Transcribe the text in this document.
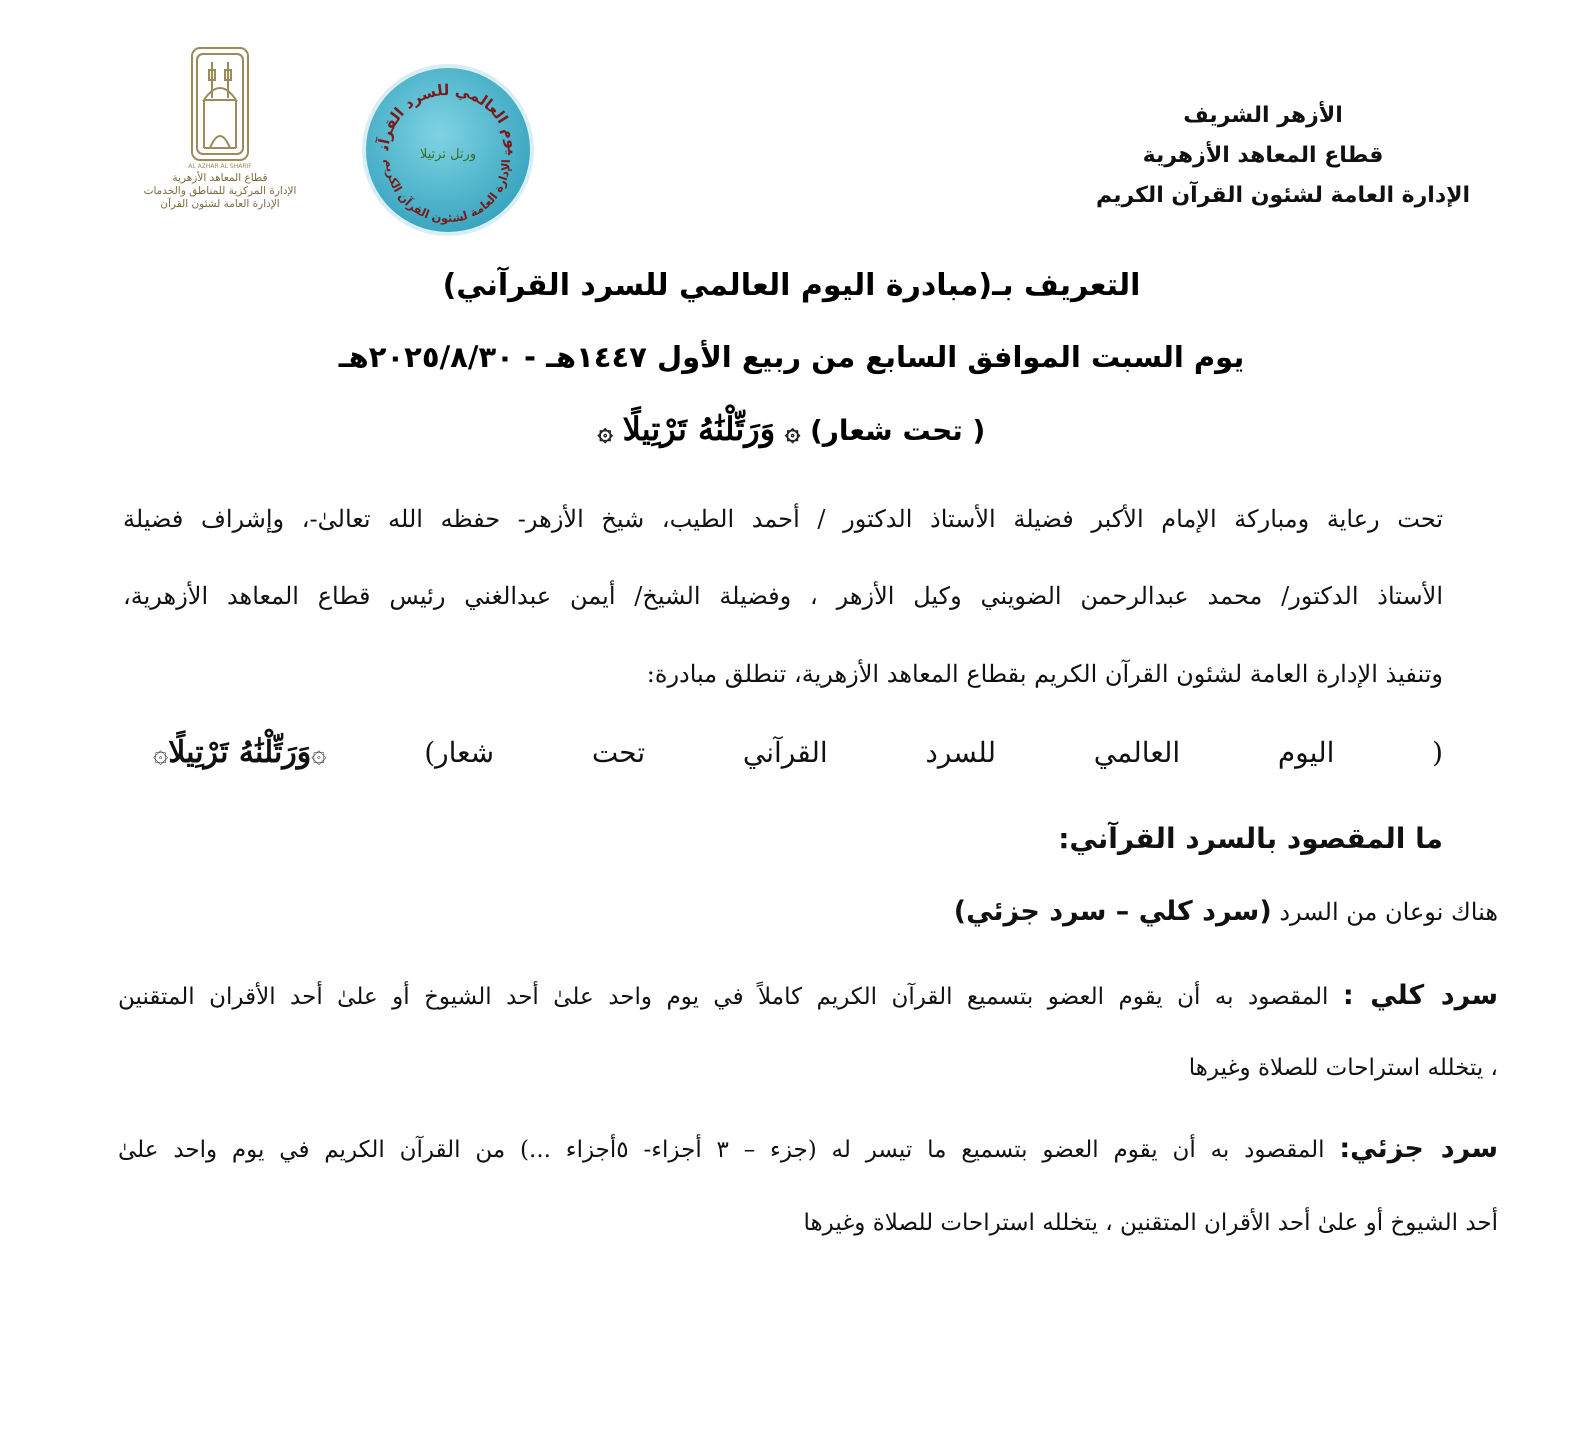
الأزهر الشريف
قطاع المعاهد الأزهرية
الإدارة العامة لشئون القرآن الكريم
يوم العالمي للسرد القرآن	ورتل ترتيلا
الإدارة العامة لشئون القرآن الكريم
AL AZHAR AL SHARIF
قطاع المعاهد الأزهرية
الإدارة المركزية للمناطق والخدمات
الإدارة العامة لشئون القرآن
التعريف بـ(مبادرة اليوم العالمي للسرد القرآني)
يوم السبت الموافق السابع من ربيع الأول ١٤٤٧هـ - ٢٠٢٥/٨/٣٠هـ
( تحت شعار) ۞ وَرَتِّلْنَٰهُ تَرْتِيلًا ۞
تحت رعاية ومباركة الإمام الأكبر فضيلة الأستاذ الدكتور / أحمد الطيب، شيخ الأزهر- حفظه الله تعالىٰ-، وإشراف فضيلة
الأستاذ الدكتور/ محمد عبدالرحمن الضويني وكيل الأزهر ، وفضيلة الشيخ/ أيمن عبدالغني رئيس قطاع المعاهد الأزهرية،
وتنفيذ الإدارة العامة لشئون القرآن الكريم بقطاع المعاهد الأزهرية، تنطلق مبادرة:
(
اليوم
العالمي
للسرد
القرآني
تحت
شعار)
۞وَرَتِّلْنَٰهُ تَرْتِيلًا۞
ما المقصود بالسرد القرآني:
هناك نوعان من السرد (سرد كلي – سرد جزئي)
سرد كلي : المقصود به أن يقوم العضو بتسميع القرآن الكريم كاملاً في يوم واحد علىٰ أحد الشيوخ أو علىٰ أحد الأقران المتقنين
، يتخلله استراحات للصلاة وغيرها
سرد جزئي: المقصود به أن يقوم العضو بتسميع ما تيسر له (جزء – ٣ أجزاء- ٥أجزاء ...) من القرآن الكريم في يوم واحد علىٰ
أحد الشيوخ أو علىٰ أحد الأقران المتقنين ، يتخلله استراحات للصلاة وغيرها
